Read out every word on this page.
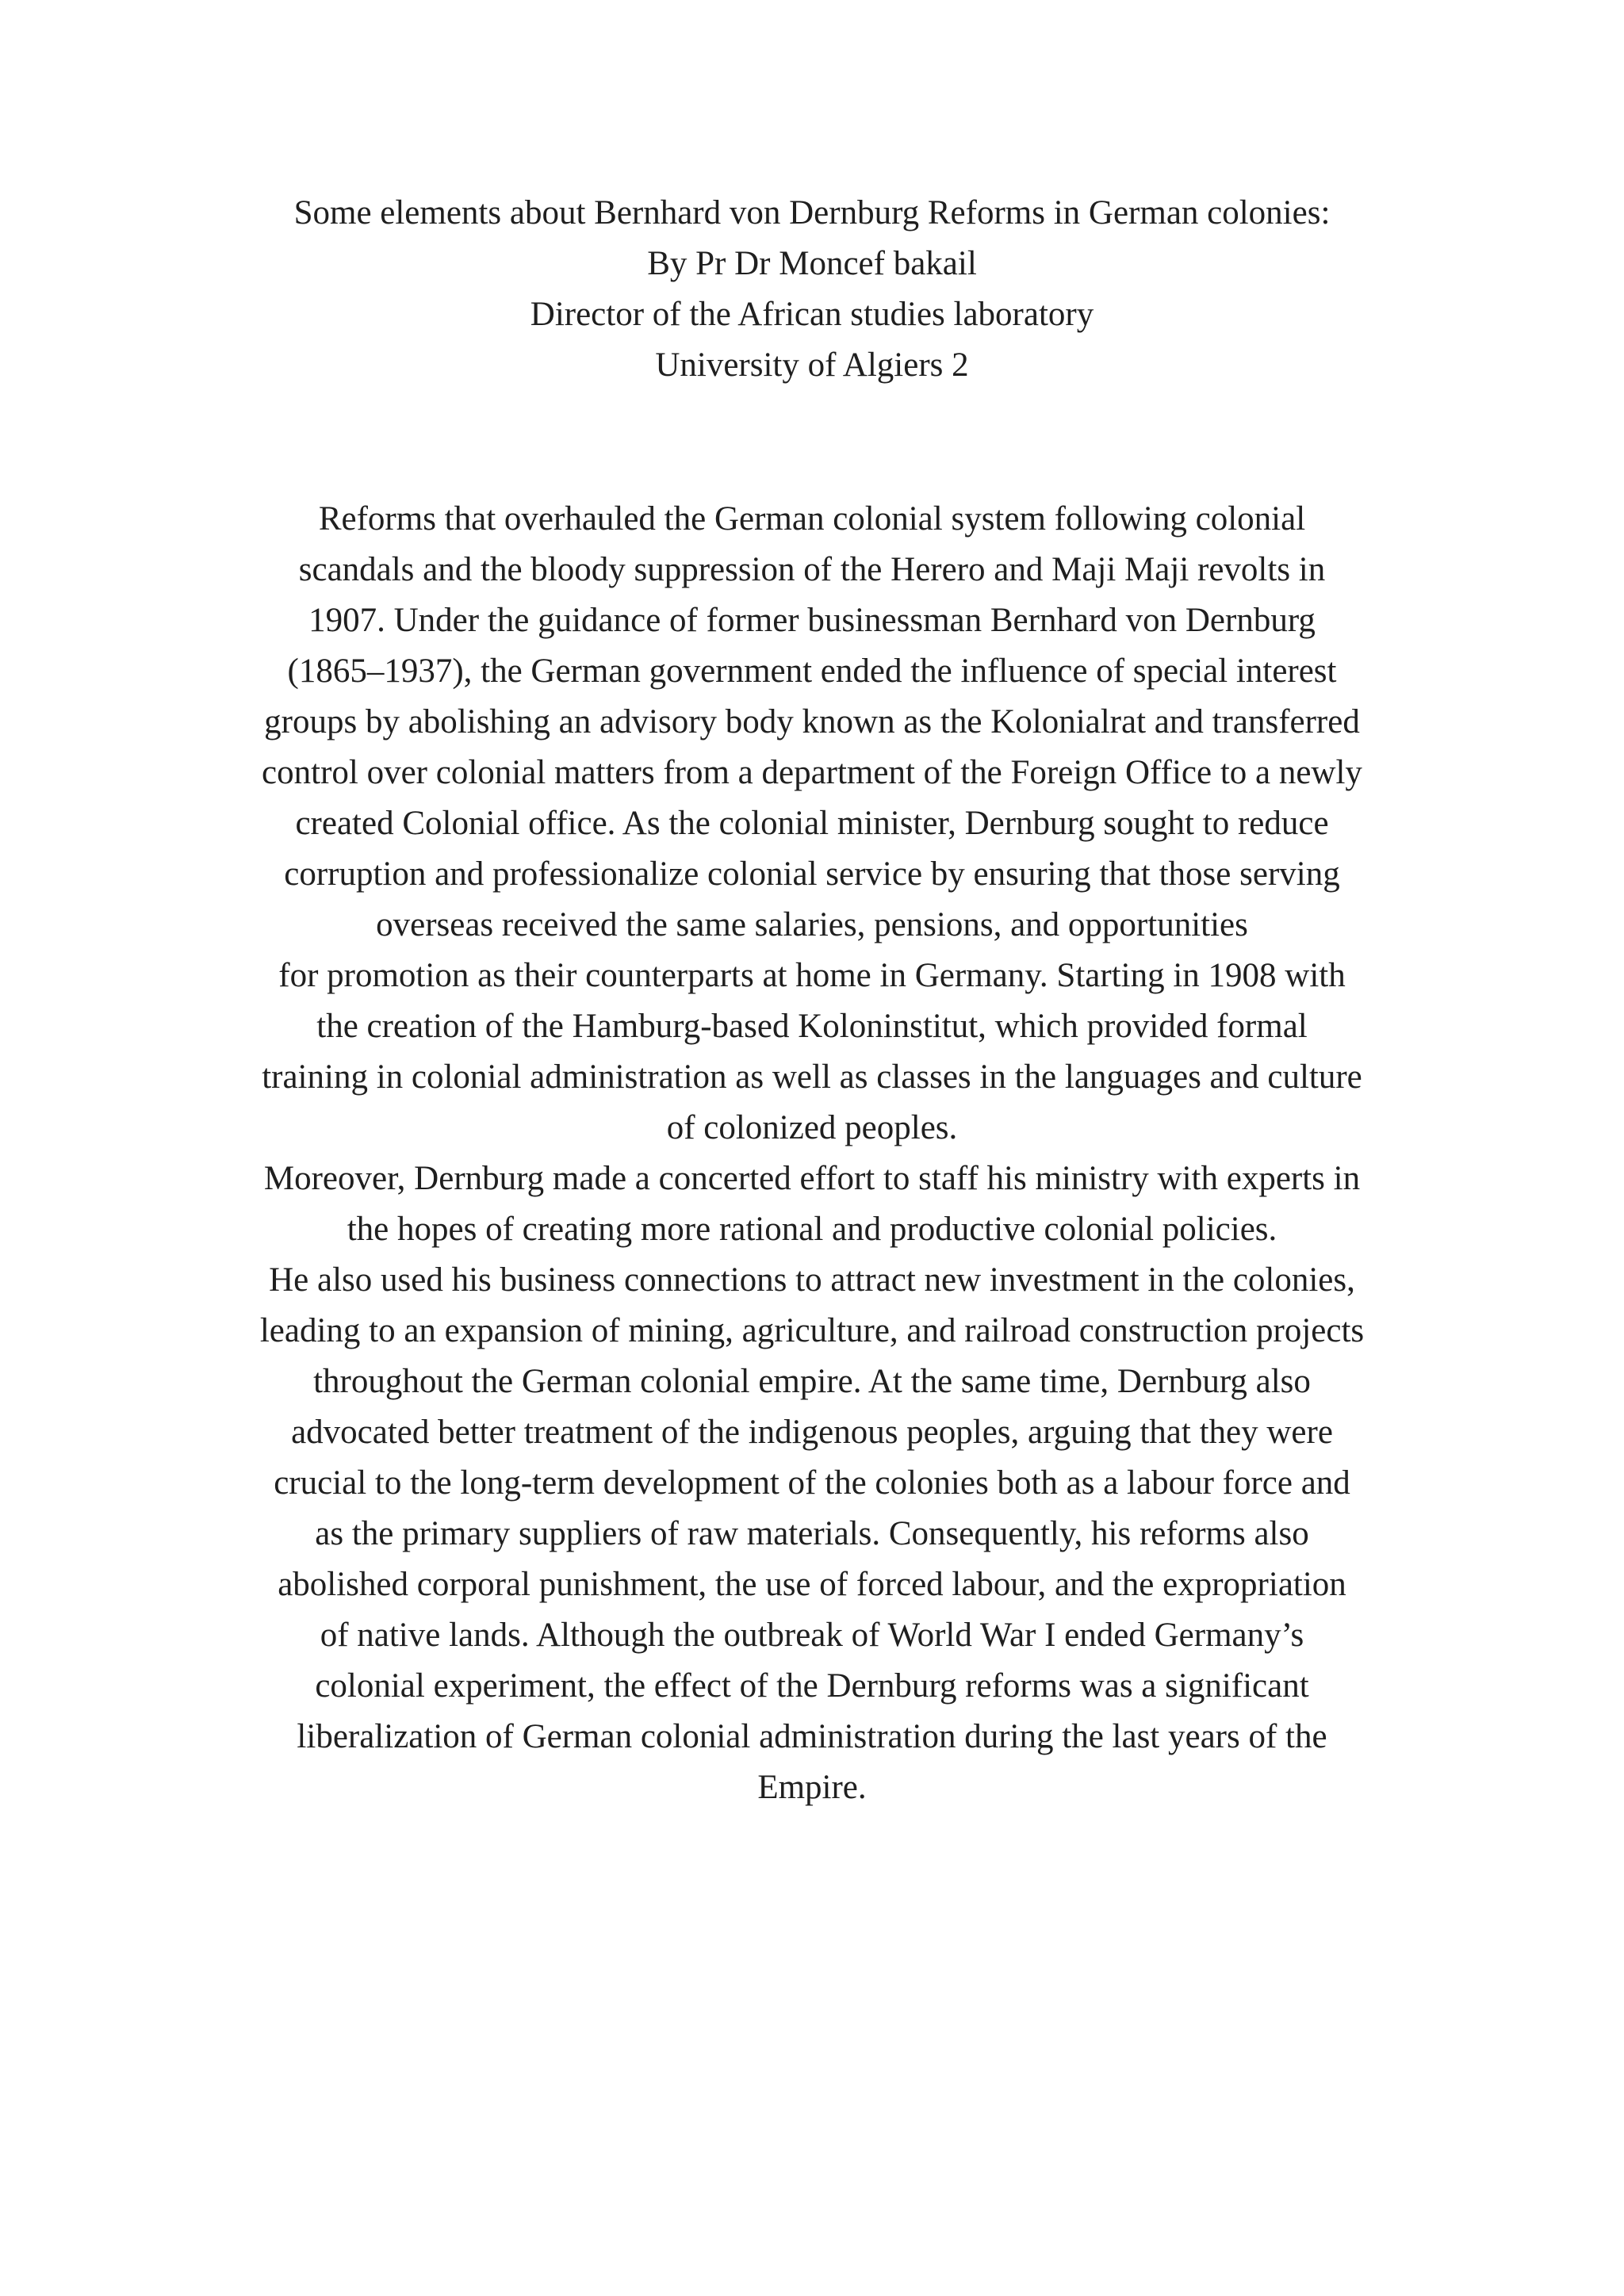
Some elements about Bernhard von Dernburg Reforms in German colonies:

By Pr Dr Moncef bakail

Director of the African studies laboratory

University of Algiers 2

Reforms that overhauled the German colonial system following colonial

scandals and the bloody suppression of the Herero and Maji Maji revolts in

1907. Under the guidance of former businessman Bernhard von Dernburg

(1865–1937), the German government ended the influence of special interest

groups by abolishing an advisory body known as the Kolonialrat and transferred

control over colonial matters from a department of the Foreign Office to a newly

created Colonial office. As the colonial minister, Dernburg sought to reduce

corruption and professionalize colonial service by ensuring that those serving

overseas received the same salaries, pensions, and opportunities

for promotion as their counterparts at home in Germany. Starting in 1908 with

the creation of the Hamburg-based Koloninstitut, which provided formal

training in colonial administration as well as classes in the languages and culture

of colonized peoples.

Moreover, Dernburg made a concerted effort to staff his ministry with experts in

the hopes of creating more rational and productive colonial policies.

He also used his business connections to attract new investment in the colonies,

leading to an expansion of mining, agriculture, and railroad construction projects

throughout the German colonial empire. At the same time, Dernburg also

advocated better treatment of the indigenous peoples, arguing that they were

crucial to the long-term development of the colonies both as a labour force and

as the primary suppliers of raw materials. Consequently, his reforms also

abolished corporal punishment, the use of forced labour, and the expropriation

of native lands. Although the outbreak of World War I ended Germany’s

colonial experiment, the effect of the Dernburg reforms was a significant

liberalization of German colonial administration during the last years of the

Empire.
